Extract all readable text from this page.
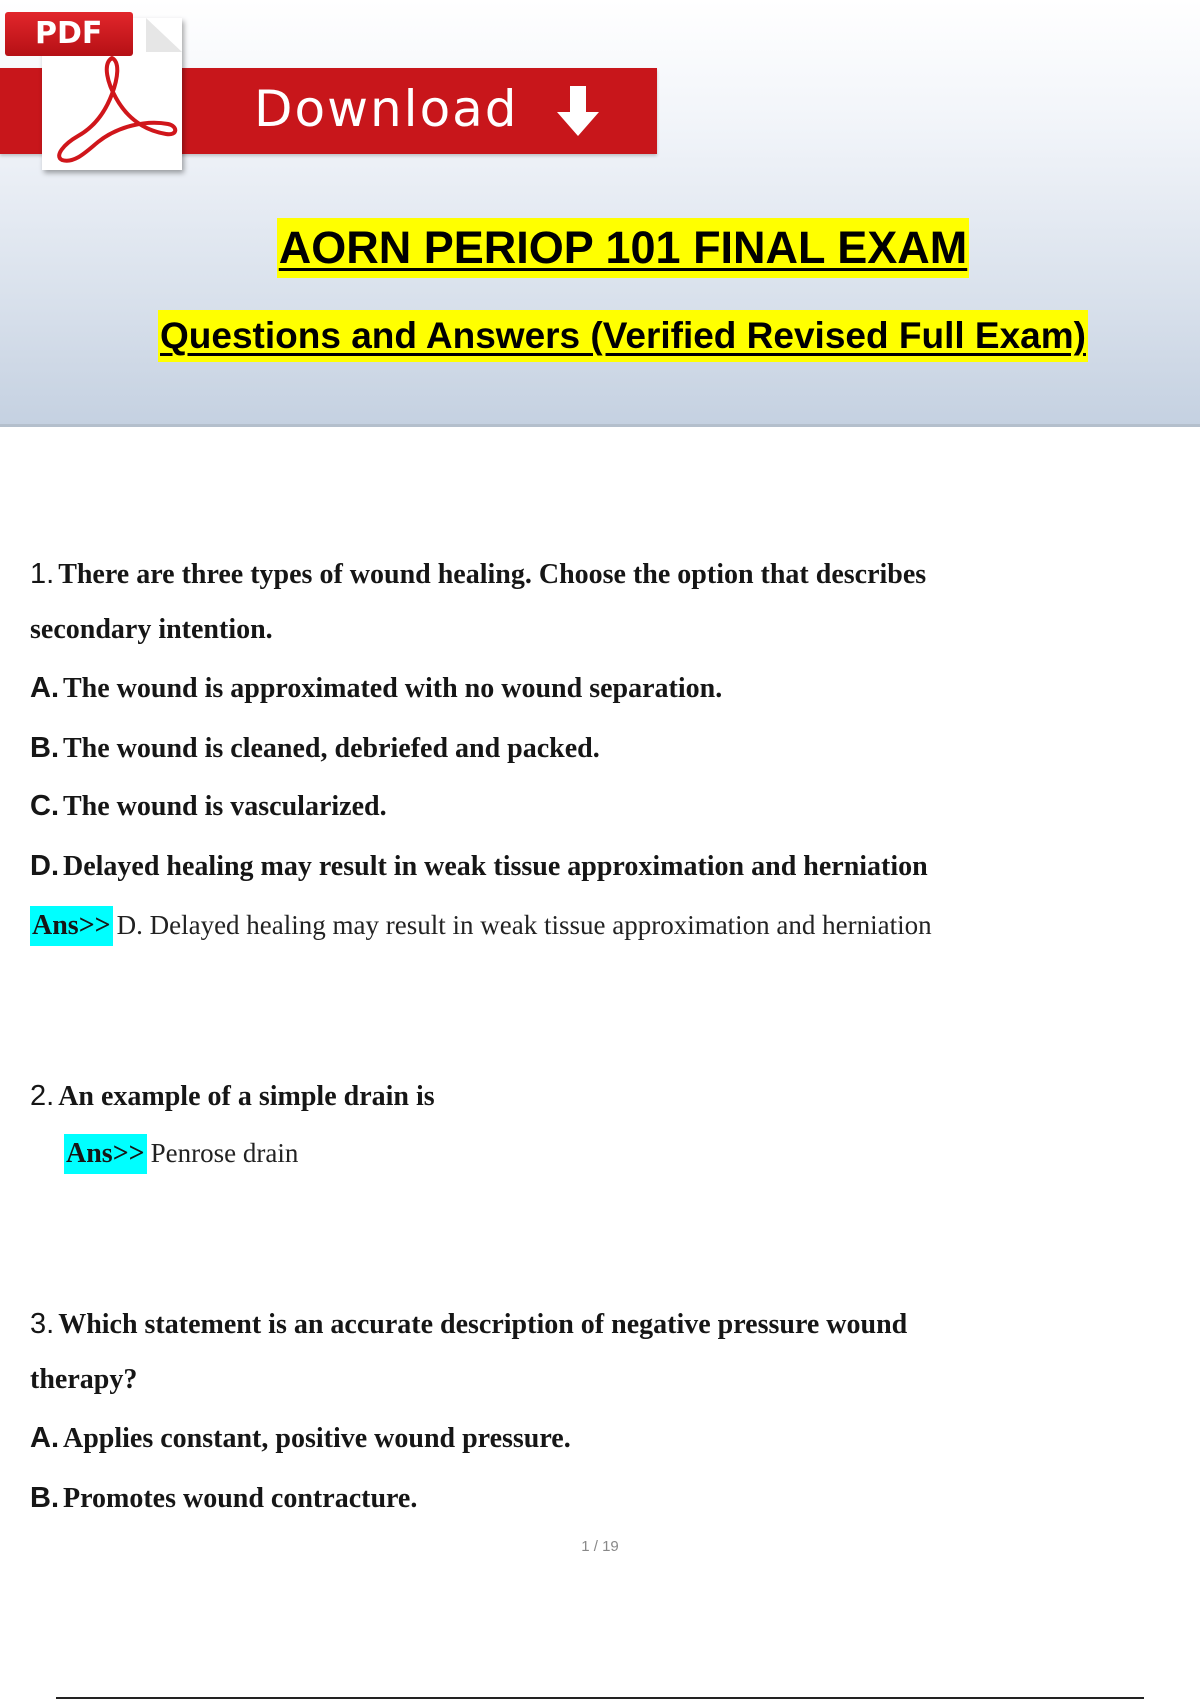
Download
PDF
AORN PERIOP 101 FINAL EXAM
Questions and Answers (Verified Revised Full Exam)
1. There are three types of wound healing. Choose the option that describes
secondary intention.
A. The wound is approximated with no wound separation.
B. The wound is cleaned, debriefed and packed.
C. The wound is vascularized.
D. Delayed healing may result in weak tissue approximation and herniation
Ans>> D. Delayed healing may result in weak tissue approximation and herniation
2. An example of a simple drain is
Ans>> Penrose drain
3. Which statement is an accurate description of negative pressure wound
therapy?
A. Applies constant, positive wound pressure.
B. Promotes wound contracture.
1 / 19
